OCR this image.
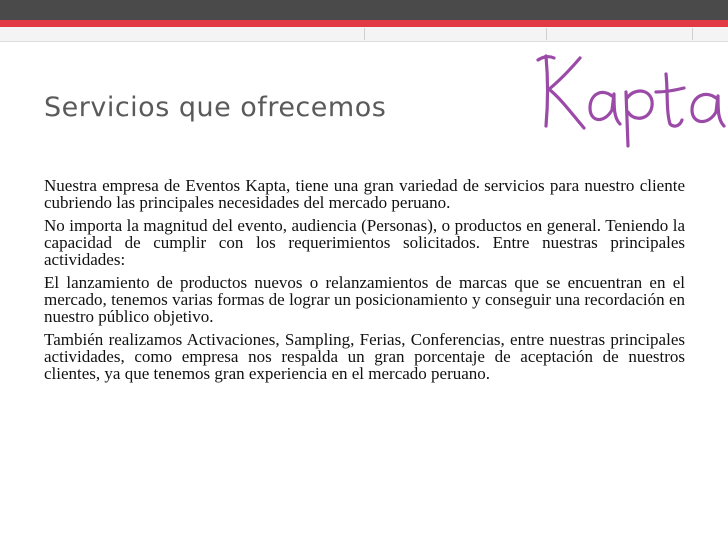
Kapta
Servicios que ofrecemos

Nuestra empresa de Eventos Kapta, tiene una gran variedad de servicios para nuestro cliente cubriendo las principales necesidades del mercado peruano.

No importa la magnitud del evento, audiencia (Personas), o productos en general. Teniendo la capacidad de cumplir con los requerimientos solicitados. Entre nuestras principales actividades:

El lanzamiento de productos nuevos o relanzamientos de marcas que se encuentran en el mercado, tenemos varias formas de lograr un posicionamiento y conseguir una recordación en nuestro público objetivo.

También realizamos Activaciones, Sampling, Ferias, Conferencias, entre nuestras principales actividades, como empresa nos respalda un gran porcentaje de aceptación de nuestros clientes, ya que tenemos gran experiencia en el mercado peruano.
